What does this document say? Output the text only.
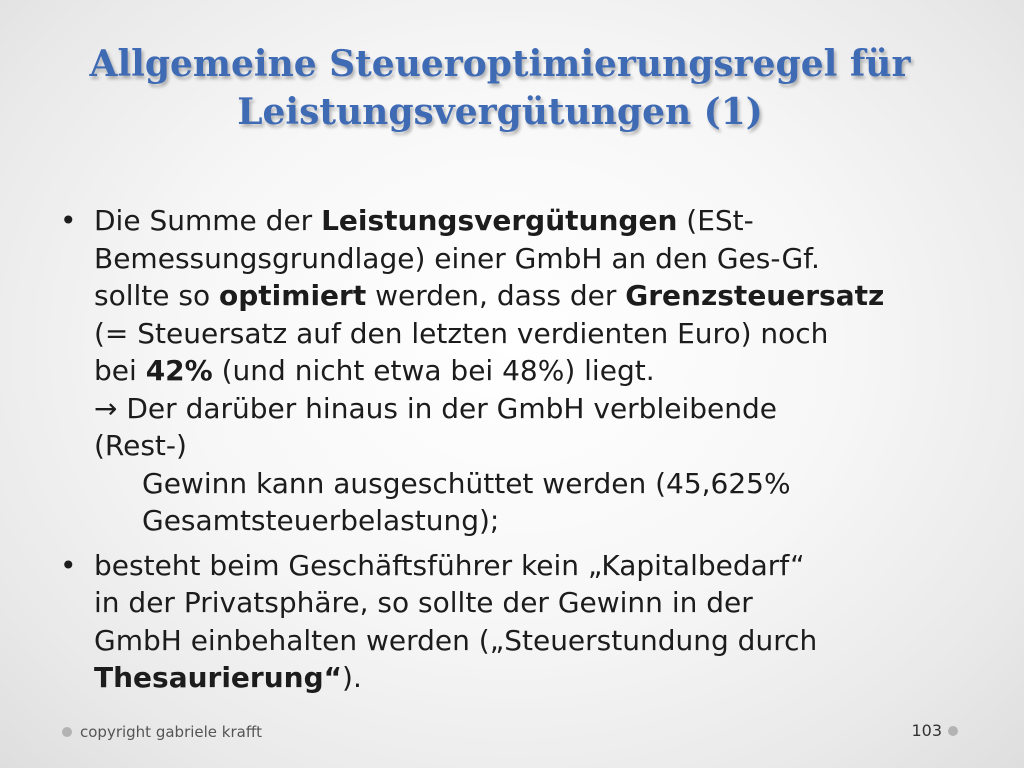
Allgemeine Steueroptimierungsregel für
Leistungsvergütungen (1)
• Die Summe der Leistungsvergütungen (ESt-
Bemessungsgrundlage) einer GmbH an den Ges-Gf.
sollte so optimiert werden, dass der Grenzsteuersatz
(= Steuersatz auf den letzten verdienten Euro) noch
bei 42% (und nicht etwa bei 48%) liegt.
→ Der darüber hinaus in der GmbH verbleibende
(Rest-)
Gewinn kann ausgeschüttet werden (45,625%
Gesamtsteuerbelastung);
• besteht beim Geschäftsführer kein „Kapitalbedarf“
in der Privatsphäre, so sollte der Gewinn in der
GmbH einbehalten werden („Steuerstundung durch
Thesaurierung“).
copyright gabriele krafft	103
